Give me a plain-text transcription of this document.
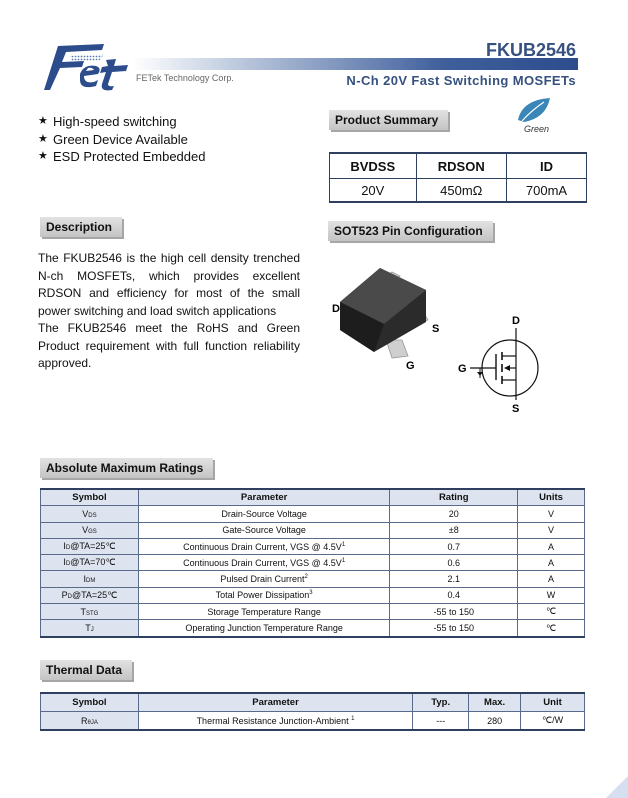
FKUB2546
FETek Technology Corp.	N-Ch 20V Fast Switching MOSFETs
★ High-speed switching
★ Green Device Available
★ ESD Protected Embedded
Product Summary
Green
BVDSS	RDSON	ID
20V	450mΩ	700mA
Description
The FKUB2546 is the high cell density trenched N-ch MOSFETs, which provides excellent RDSON and efficiency for most of the small power switching and load switch applications
The FKUB2546 meet the RoHS and Green Product requirement with full function reliability approved.
SOT523 Pin Configuration
D
S
G
D
G
S
Absolute Maximum Ratings
Symbol	Parameter	Rating	Units
VDS	Drain-Source Voltage	20	V
VGS	Gate-Source Voltage	±8	V
ID@TA=25℃	Continuous Drain Current, VGS @ $4.5V^1$	0.7	A
ID@TA=70℃	Continuous Drain Current, VGS @ $4.5V^1$	0.6	A
IDM	Pulsed Drain Current$^2$	2.1	A
PD@TA=25℃	Total Power Dissipation$^3$	0.4	W
TSTG	Storage Temperature Range	-55 to 150	℃
TJ	Operating Junction Temperature Range	-55 to 150	℃
Thermal Data
Symbol	Parameter	Typ.	Max.	Unit
RθJA	Thermal Resistance Junction-Ambient $^1$	---	280	℃/W
